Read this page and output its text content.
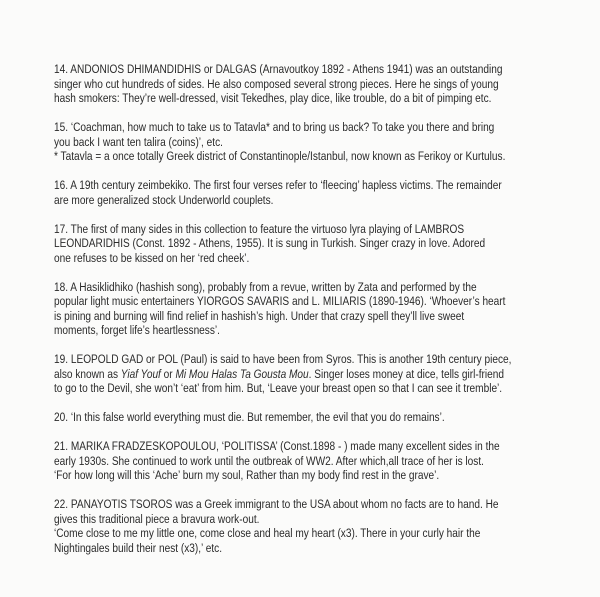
14. ANDONIOS DHIMANDIDHIS or DALGAS (Arnavoutkoy 1892 - Athens 1941) was an outstanding
singer who cut hundreds of sides. He also composed several strong pieces. Here he sings of young
hash smokers: They’re well-dressed, visit Tekedhes, play dice, like trouble, do a bit of pimping etc.
15. ‘Coachman, how much to take us to Tatavla* and to bring us back? To take you there and bring
you back I want ten talira (coins)’, etc.
* Tatavla = a once totally Greek district of Constantinople/Istanbul, now known as Ferikoy or Kurtulus.
16. A 19th century zeimbekiko. The first four verses refer to ‘fleecing’ hapless victims. The remainder
are more generalized stock Underworld couplets.
17. The first of many sides in this collection to feature the virtuoso lyra playing of LAMBROS
LEONDARIDHIS (Const. 1892 - Athens, 1955). It is sung in Turkish. Singer crazy in love. Adored
one refuses to be kissed on her ‘red cheek’.
18. A Hasiklidhiko (hashish song), probably from a revue, written by Zata and performed by the
popular light music entertainers YIORGOS SAVARIS and L. MILIARIS (1890-1946). ‘Whoever’s heart
is pining and burning will find relief in hashish’s high. Under that crazy spell they’ll live sweet
moments, forget life’s heartlessness’.
19. LEOPOLD GAD or POL (Paul) is said to have been from Syros. This is another 19th century piece,
also known as Yiaf Youf or Mi Mou Halas Ta Gousta Mou. Singer loses money at dice, tells girl-friend
to go to the Devil, she won’t ‘eat’ from him. But, ‘Leave your breast open so that I can see it tremble’.
20. ‘In this false world everything must die. But remember, the evil that you do remains’.
21. MARIKA FRADZESKOPOULOU, ‘POLITISSA’ (Const.1898 - ) made many excellent sides in the
early 1930s. She continued to work until the outbreak of WW2. After which,all trace of her is lost.
‘For how long will this ‘Ache’ burn my soul, Rather than my body find rest in the grave’.
22. PANAYOTIS TSOROS was a Greek immigrant to the USA about whom no facts are to hand. He
gives this traditional piece a bravura work-out.
‘Come close to me my little one, come close and heal my heart (x3). There in your curly hair the
Nightingales build their nest (x3),’ etc.
